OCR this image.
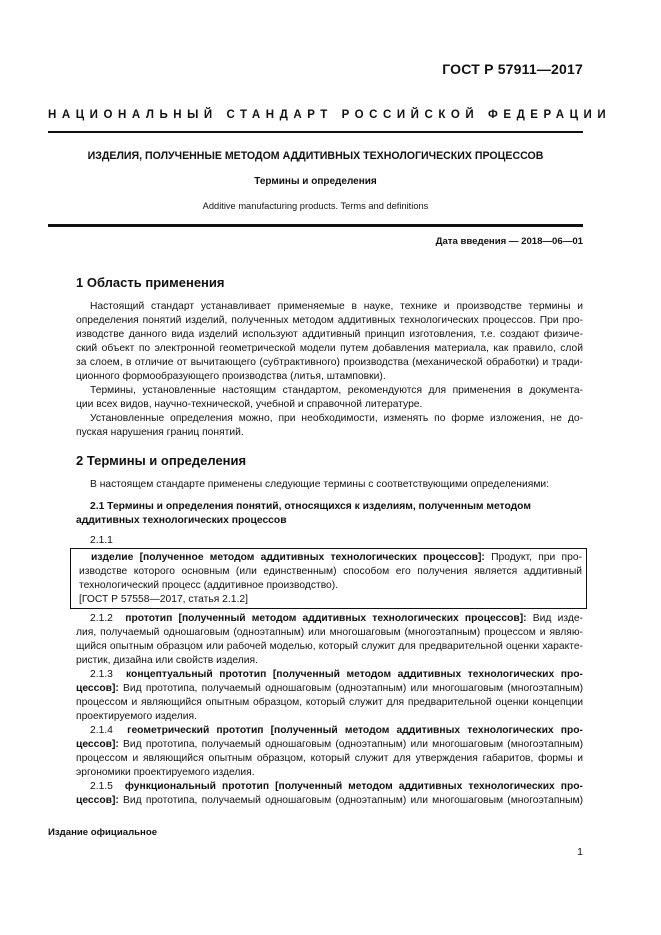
ГОСТ Р 57911—2017
НАЦИОНАЛЬНЫЙ СТАНДАРТ РОССИЙСКОЙ ФЕДЕРАЦИИ
ИЗДЕЛИЯ, ПОЛУЧЕННЫЕ МЕТОДОМ АДДИТИВНЫХ ТЕХНОЛОГИЧЕСКИХ ПРОЦЕССОВ
Термины и определения
Additive manufacturing products. Terms and definitions
Дата введения — 2018—06—01
1 Область применения
Настоящий стандарт устанавливает применяемые в науке, технике и производстве термины и
определения понятий изделий, полученных методом аддитивных технологических процессов. При про-
изводстве данного вида изделий используют аддитивный принцип изготовления, т.е. создают физиче-
ский объект по электронной геометрической модели путем добавления материала, как правило, слой
за слоем, в отличие от вычитающего (субтрактивного) производства (механической обработки) и тради-
ционного формообразующего производства (литья, штамповки).
Термины, установленные настоящим стандартом, рекомендуются для применения в документа-
ции всех видов, научно-технической, учебной и справочной литературе.
Установленные определения можно, при необходимости, изменять по форме изложения, не до-
пуская нарушения границ понятий.
2 Термины и определения
В настоящем стандарте применены следующие термины с соответствующими определениями:
2.1 Термины и определения понятий, относящихся к изделиям, полученным методом
аддитивных технологических процессов
2.1.1
изделие [полученное методом аддитивных технологических процессов]: Продукт, при про-
изводстве которого основным (или единственным) способом его получения является аддитивный
технологический процесс (аддитивное производство).
[ГОСТ Р 57558—2017, статья 2.1.2]
2.1.2 прототип [полученный методом аддитивных технологических процессов]: Вид изде-
лия, получаемый одношаговым (одноэтапным) или многошаговым (многоэтапным) процессом и являю-
щийся опытным образцом или рабочей моделью, который служит для предварительной оценки характе-
ристик, дизайна или свойств изделия.
2.1.3 концептуальный прототип [полученный методом аддитивных технологических про-
цессов]: Вид прототипа, получаемый одношаговым (одноэтапным) или многошаговым (многоэтапным)
процессом и являющийся опытным образцом, который служит для предварительной оценки концепции
проектируемого изделия.
2.1.4 геометрический прототип [полученный методом аддитивных технологических про-
цессов]: Вид прототипа, получаемый одношаговым (одноэтапным) или многошаговым (многоэтапным)
процессом и являющийся опытным образцом, который служит для утверждения габаритов, формы и
эргономики проектируемого изделия.
2.1.5 функциональный прототип [полученный методом аддитивных технологических про-
цессов]: Вид прототипа, получаемый одношаговым (одноэтапным) или многошаговым (многоэтапным)
Издание официальное
1
